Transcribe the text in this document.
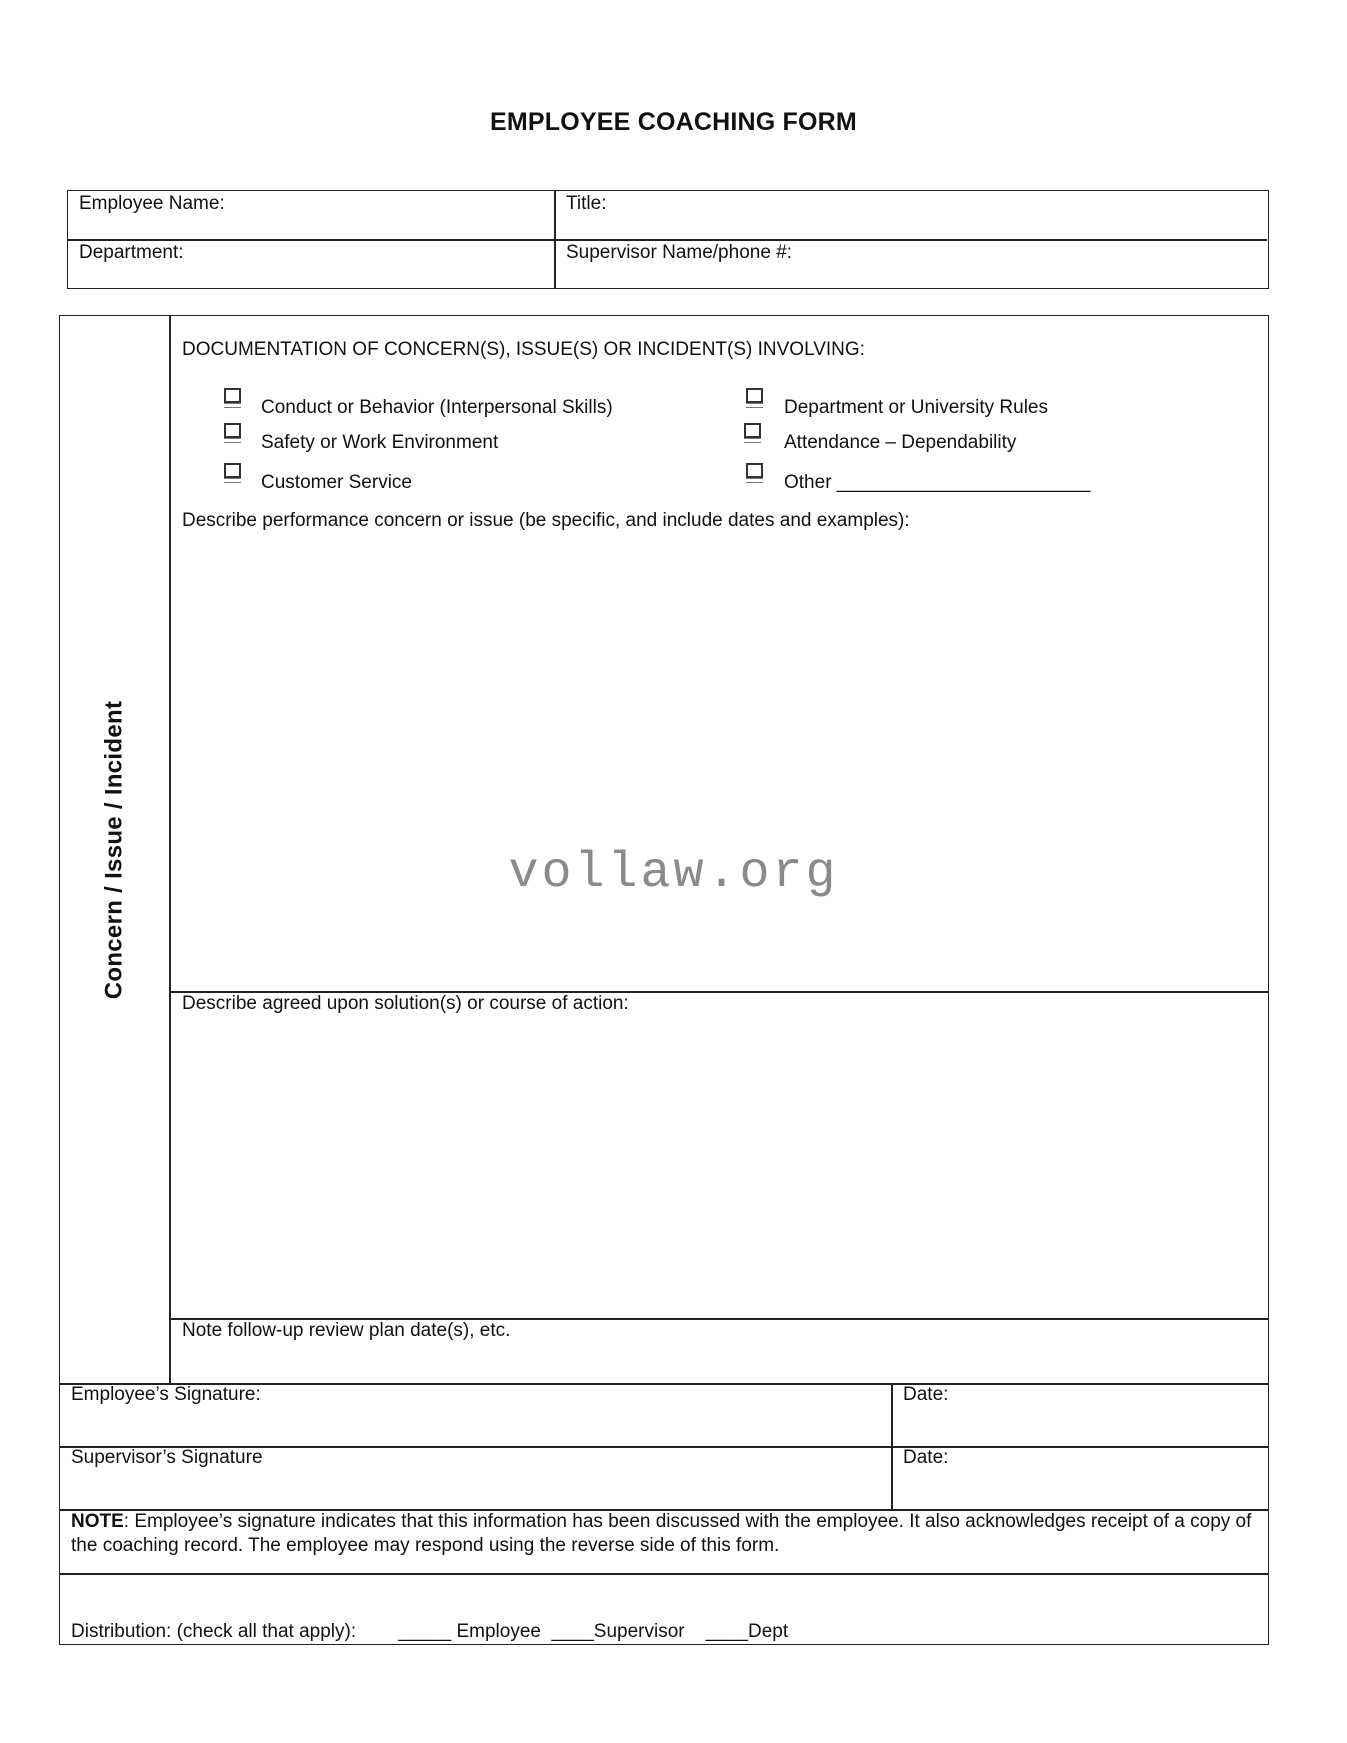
EMPLOYEE COACHING FORM
Employee Name:	Title:
Department:	Supervisor Name/phone #:
Concern / Issue / Incident
DOCUMENTATION OF CONCERN(S), ISSUE(S) OR INCIDENT(S) INVOLVING:
Conduct or Behavior (Interpersonal Skills)
Safety or Work Environment
Customer Service
Department or University Rules
Attendance – Dependability
Other ________________________
Describe performance concern or issue (be specific, and include dates and examples):
vollaw.org
Describe agreed upon solution(s) or course of action:
Note follow-up review plan date(s), etc.
Employee’s Signature:	Date:
Supervisor’s Signature	Date:
NOTE: Employee’s signature indicates that this information has been discussed with the employee. It also acknowledges receipt of a copy of the coaching record. The employee may respond using the reverse side of this form.
Distribution: (check all that apply):        _____ Employee  ____Supervisor    ____Dept
